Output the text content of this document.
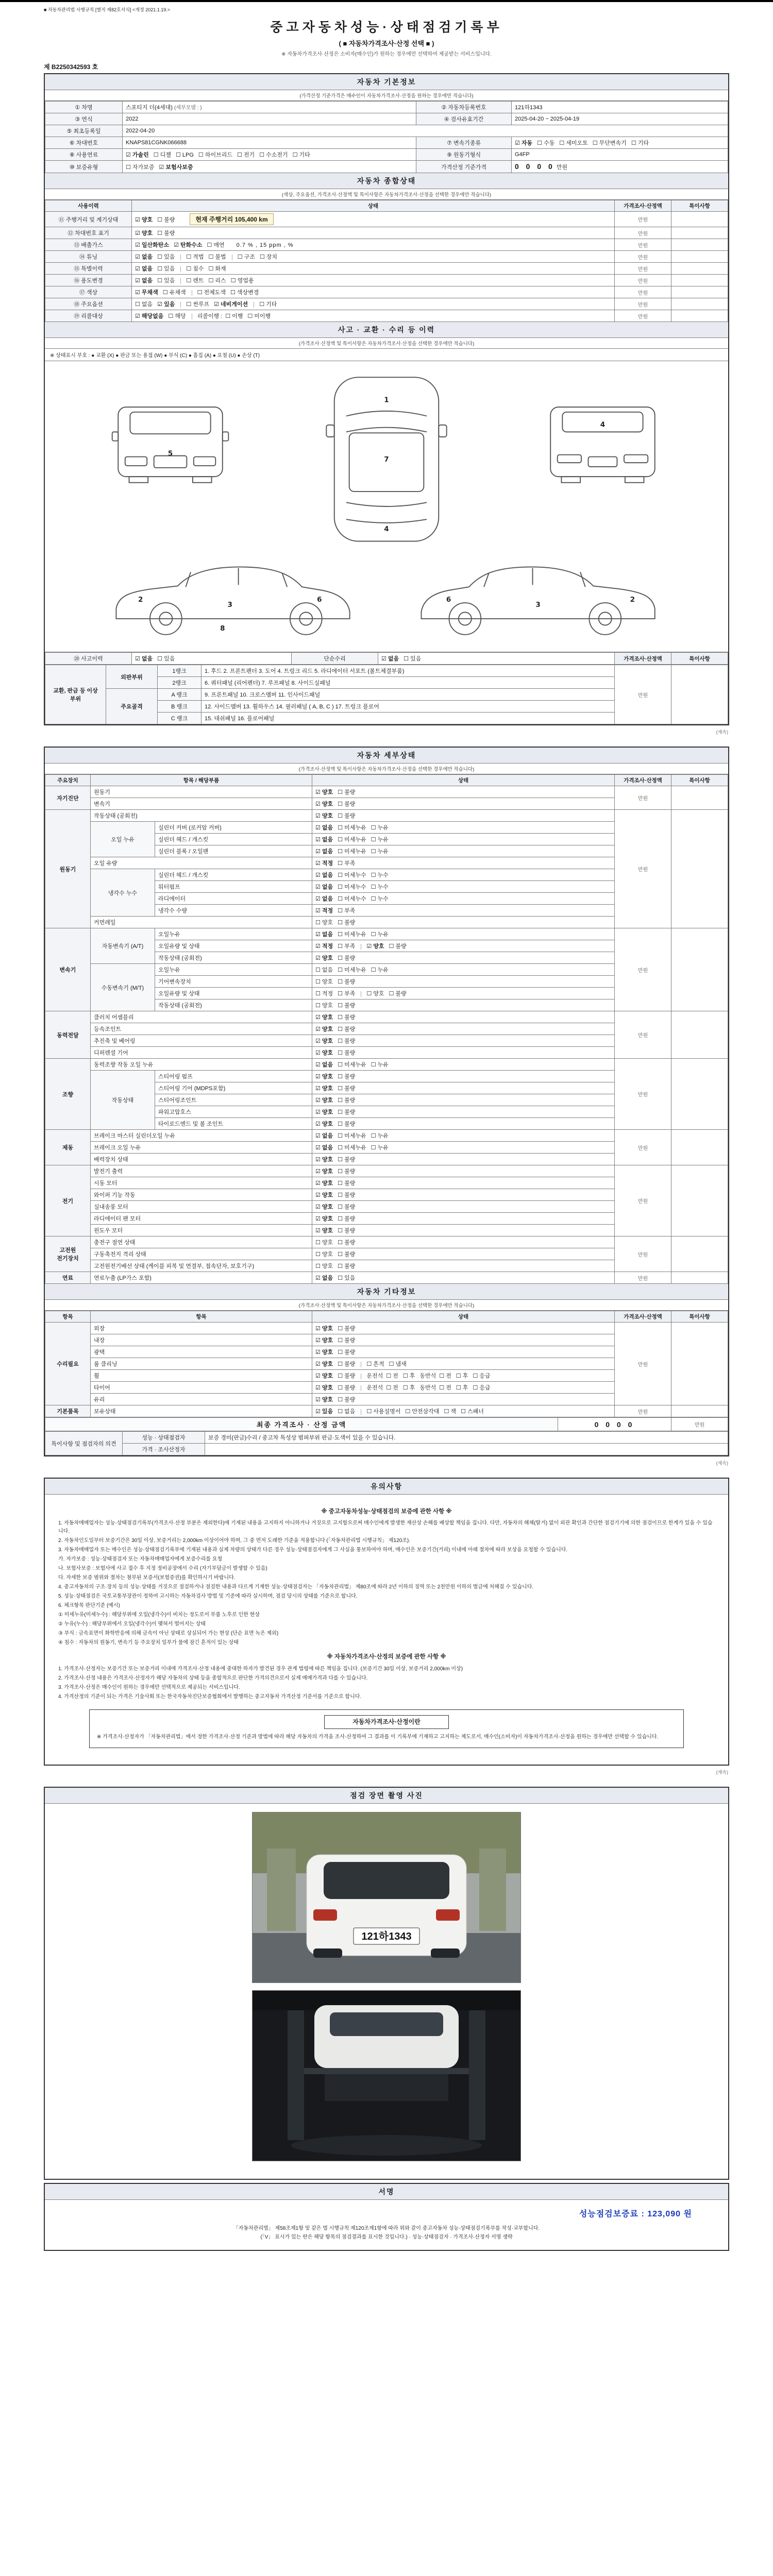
■ 자동차관리법 시행규칙 [별지 제82호서식] <개정 2021.1.19.>
중고자동차성능·상태점검기록부
( ■ 자동차가격조사·산정 선택 ■ )
※ 자동차가격조사·산정은 소비자(매수인)가 원하는 경우에만 선택하여 제공받는 서비스입니다.
제 B2250342593 호
자동차 기본정보
(가격산정 기준가격은 매수인이 자동차가격조사·산정을 원하는 경우에만 적습니다)
① 차명	스포티지 더(4세대) (세부모델 : )	② 자동차등록번호	121하1343
③ 연식	2022	④ 검사유효기간	2025-04-20 ~ 2025-04-19
⑤ 최초등록일	2022-04-20		
⑥ 차대번호	KNAPS81CGNK066688	⑦ 변속기종류	☑ 자동 ☐ 수동 ☐ 세미오토 ☐ 무단변속기 ☐ 기타
⑧ 사용연료	☑ 가솔린 ☐ 디젤 ☐ LPG ☐ 하이브리드 ☐ 전기 ☐ 수소전기 ☐ 기타	⑨ 원동기형식	G4FP
⑩ 보증유형	☐ 자가보증 ☑ 보험사보증	가격산정 기준가격	0 0 0 0 만원
자동차 종합상태
(색상, 주요옵션, 가격조사·산정액 및 특이사항은 자동차가격조사·산정을 선택한 경우에만 적습니다)
사용이력	상태	가격조사·산정액	특이사항
⑪ 주행거리 및 계기상태	☑ 양호 ☐ 불량 현재 주행거리 105,400 km	만원	
⑫ 차대번호 표기	☑ 양호 ☐ 불량	만원	
⑬ 배출가스	☑ 일산화탄소 ☑ 탄화수소 ☐ 매연 0.7 % , 15 ppm , %	만원	
⑭ 튜닝	☑ 없음 ☐ 있음 ☐ 적법 ☐ 불법 ☐ 구조 ☐ 장치	만원	
⑮ 특별이력	☑ 없음 ☐ 있음 ☐ 침수 ☐ 화재	만원	
⑯ 용도변경	☑ 없음 ☐ 있음 ☐ 렌트 ☐ 리스 ☐ 영업용	만원	
⑰ 색상	☑ 무채색 ☐ 유채색 ☐ 전체도색 ☐ 색상변경	만원	
⑱ 주요옵션	☐ 없음 ☑ 있음 ☐ 썬루프 ☑ 네비게이션 ☐ 기타	만원	
⑲ 리콜대상	☑ 해당없음 ☐ 해당 리콜이행 : ☐ 이행 ☐ 미이행	만원	
사고 · 교환 · 수리 등 이력
(가격조사·산정액 및 특이사항은 자동차가격조사·산정을 선택한 경우에만 적습니다)
※ 상태표시 부호 : ● 교환 (X) ● 판금 또는 용접 (W) ● 부식 (C) ● 흠집 (A) ● 요철 (U) ● 손상 (T)
5
1
7
4
4
2
3
6
8
6
3
2
⑳ 사고이력	☑ 없음 ☐ 있음	단순수리	☑ 없음 ☐ 있음	가격조사·산정액	특이사항
교환, 판금 등 이상 부위	외판부위	1랭크	1. 후드 2. 프론트펜더 3. 도어 4. 트렁크 리드 5. 라디에이터 서포트 (볼트체결부품)	만원	
		2랭크	6. 쿼터패널 (리어펜더) 7. 루프패널 8. 사이드실패널		
	주요골격	A 랭크	9. 프론트패널 10. 크로스멤버 11. 인사이드패널		
		B 랭크	12. 사이드멤버 13. 휠하우스 14. 필러패널 ( A, B, C ) 17. 트렁크 플로어		
		C 랭크	15. 대쉬패널 16. 플로어패널		
(계속)
자동차 세부상태
(가격조사·산정액 및 특이사항은 자동차가격조사·산정을 선택한 경우에만 적습니다)
주요장치	항목 / 해당부품		상태	가격조사·산정액	특이사항
자기진단	원동기		☑ 양호 ☐ 불량	만원	
	변속기		☑ 양호 ☐ 불량		
원동기	작동상태 (공회전)		☑ 양호 ☐ 불량	만원	
	오일 누유	실린더 커버 (로커암 커버)	☑ 없음 ☐ 미세누유 ☐ 누유		
		실린더 헤드 / 개스킷	☑ 없음 ☐ 미세누유 ☐ 누유		
		실린더 블록 / 오일팬	☑ 없음 ☐ 미세누유 ☐ 누유		
	오일 유량		☑ 적정 ☐ 부족		
	냉각수 누수	실린더 헤드 / 개스킷	☑ 없음 ☐ 미세누수 ☐ 누수		
		워터펌프	☑ 없음 ☐ 미세누수 ☐ 누수		
		라디에이터	☑ 없음 ☐ 미세누수 ☐ 누수		
		냉각수 수량	☑ 적정 ☐ 부족		
	커먼레일		☐ 양호 ☐ 불량		
변속기	자동변속기 (A/T)	오일누유	☑ 없음 ☐ 미세누유 ☐ 누유	만원	
		오일유량 및 상태	☑ 적정 ☐ 부족 ☑ 양호 ☐ 불량		
		작동상태 (공회전)	☑ 양호 ☐ 불량		
	수동변속기 (M/T)	오일누유	☐ 없음 ☐ 미세누유 ☐ 누유		
		기어변속장치	☐ 양호 ☐ 불량		
		오일유량 및 상태	☐ 적정 ☐ 부족 ☐ 양호 ☐ 불량		
		작동상태 (공회전)	☐ 양호 ☐ 불량		
동력전달	클러치 어셈블리		☑ 양호 ☐ 불량	만원	
	등속조인트		☑ 양호 ☐ 불량		
	추진축 및 베어링		☑ 양호 ☐ 불량		
	디퍼렌셜 기어		☑ 양호 ☐ 불량		
조향	동력조향 작동 오일 누유		☑ 없음 ☐ 미세누유 ☐ 누유	만원	
	작동상태	스티어링 펌프	☑ 양호 ☐ 불량		
		스티어링 기어 (MDPS포함)	☑ 양호 ☐ 불량		
		스티어링조인트	☑ 양호 ☐ 불량		
		파워고압호스	☑ 양호 ☐ 불량		
		타이로드엔드 및 볼 조인트	☑ 양호 ☐ 불량		
제동	브레이크 마스터 실린더오일 누유		☑ 없음 ☐ 미세누유 ☐ 누유	만원	
	브레이크 오일 누유		☑ 없음 ☐ 미세누유 ☐ 누유		
	배력장치 상태		☑ 양호 ☐ 불량		
전기	발전기 출력		☑ 양호 ☐ 불량	만원	
	시동 모터		☑ 양호 ☐ 불량		
	와이퍼 기능 작동		☑ 양호 ☐ 불량		
	실내송풍 모터		☑ 양호 ☐ 불량		
	라디에이터 팬 모터		☑ 양호 ☐ 불량		
	윈도우 모터		☑ 양호 ☐ 불량		
고전원 전기장치	충전구 절연 상태		☐ 양호 ☐ 불량	만원	
	구동축전지 격리 상태		☐ 양호 ☐ 불량		
	고전원전기배선 상태 (케이블 피복 및 연결부, 접속단자, 보호기구)		☐ 양호 ☐ 불량		
연료	연료누출 (LP가스 포함)		☑ 없음 ☐ 있음	만원	
자동차 기타정보
(가격조사·산정액 및 특이사항은 자동차가격조사·산정을 선택한 경우에만 적습니다)
항목	항목	상태	가격조사·산정액	특이사항
수리필요	외장	☑ 양호 ☐ 불량	만원	
	내장	☑ 양호 ☐ 불량		
	광택	☑ 양호 ☐ 불량		
	룸 클리닝	☑ 양호 ☐ 불량 ☐ 흔적 ☐ 냄새		
	휠	☑ 양호 ☐ 불량 운전석 ☐ 전 ☐ 후 동반석 ☐ 전 ☐ 후 ☐ 응급		
	타이어	☑ 양호 ☐ 불량 운전석 ☐ 전 ☐ 후 동반석 ☐ 전 ☐ 후 ☐ 응급		
	유리	☑ 양호 ☐ 불량		
기본품목	보유상태	☑ 있음 ☐ 없음 ☐ 사용설명서 ☐ 안전삼각대 ☐ 잭 ☐ 스패너	만원	
최종 가격조사 · 산정 금액	0 0 0 0	만원
특이사항 및 점검자의 의견	성능 · 상태점검자	보증 경미(판금)수리 / 중고차 특성상 범퍼부위 판금·도색이 있을 수 있습니다.
	가격 · 조사산정자	
(계속)
유의사항
※ 중고자동차성능·상태점검의 보증에 관한 사항 ※
1. 자동차매매업자는 성능·상태점검기록부(가격조사·산정 부분은 제외한다)에 기재된 내용을 고지하지 아니하거나 거짓으로 고지함으로써 매수인에게 발생한 재산상 손해를 배상할 책임을 집니다. 다만, 자동차의 해체(탈거) 없이 외관 확인과 간단한 점검기기에 의한 점검이므로 한계가 있을 수 있습니다.
2. 자동차인도일부터 보증기간은 30일 이상, 보증거리는 2,000km 이상이어야 하며, 그 중 먼저 도래한 기준을 적용합니다 (「자동차관리법 시행규칙」 제120조).
3. 자동차매매업자 또는 매수인은 성능·상태점검기록부에 기재된 내용과 실제 차량의 상태가 다른 경우 성능·상태점검자에게 그 사실을 통보하여야 하며, 매수인은 보증기간(거리) 이내에 아래 절차에 따라 보상을 요청할 수 있습니다.
가. 자가보증 : 성능·상태점검자 또는 자동차매매업자에게 보증수리를 요청
나. 보험사보증 : 보험사에 사고 접수 후 지정 정비공장에서 수리 (자기부담금이 발생할 수 있음)
다. 자세한 보증 범위와 절차는 첨부된 보증서(보험증권)를 확인하시기 바랍니다.
4. 중고자동차의 구조·장치 등의 성능·상태를 거짓으로 점검하거나 점검한 내용과 다르게 기재한 성능·상태점검자는 「자동차관리법」 제80조에 따라 2년 이하의 징역 또는 2천만원 이하의 벌금에 처해질 수 있습니다.
5. 성능·상태점검은 국토교통부장관이 정하여 고시하는 자동차검사 방법 및 기준에 따라 실시하며, 점검 당시의 상태를 기준으로 합니다.
6. 체크항목 판단기준 (예시)
① 미세누유(미세누수) : 해당부위에 오일(냉각수)이 비치는 정도로서 부품 노후로 인한 현상
② 누유(누수) : 해당부위에서 오일(냉각수)이 맺혀서 떨어지는 상태
③ 부식 : 금속표면이 화학반응에 의해 금속이 아닌 상태로 상실되어 가는 현상 (단순 표면 녹은 제외)
④ 침수 : 자동차의 원동기, 변속기 등 주요장치 일부가 물에 잠긴 흔적이 있는 상태
※ 자동차가격조사·산정의 보증에 관한 사항 ※
1. 가격조사·산정자는 보증기간 또는 보증거리 이내에 가격조사·산정 내용에 중대한 하자가 발견된 경우 관계 법령에 따른 책임을 집니다. (보증기간 30일 이상, 보증거리 2,000km 이상)
2. 가격조사·산정 내용은 가격조사·산정자가 해당 자동차의 상태 등을 종합적으로 판단한 가격의견으로서 실제 매매가격과 다를 수 있습니다.
3. 가격조사·산정은 매수인이 원하는 경우에만 선택적으로 제공되는 서비스입니다.
4. 가격산정의 기준이 되는 가격은 기술사회 또는 한국자동차진단보증협회에서 발행하는 중고자동차 가격산정 기준서를 기준으로 합니다.
자동차가격조사·산정이란
※ 가격조사·산정자가 「자동차관리법」에서 정한 가격조사·산정 기준과 방법에 따라 해당 자동차의 가격을 조사·산정하여 그 결과를 이 기록부에 기재하고 고지하는 제도로서, 매수인(소비자)이 자동차가격조사·산정을 원하는 경우에만 선택할 수 있습니다.
(계속)
점검 장면 촬영 사진
121하1343
서명
성능점검보증료 : 123,090 원
「자동차관리법」 제58조제1항 및 같은 법 시행규칙 제120조제1항에 따라 위와 같이 중고자동차 성능·상태점검기록부를 작성·교부합니다.
(「V」 표시가 있는 란은 해당 항목의 점검결과를 표시한 것입니다.) · 성능·상태점검자 · 가격조사·산정자 서명 생략
